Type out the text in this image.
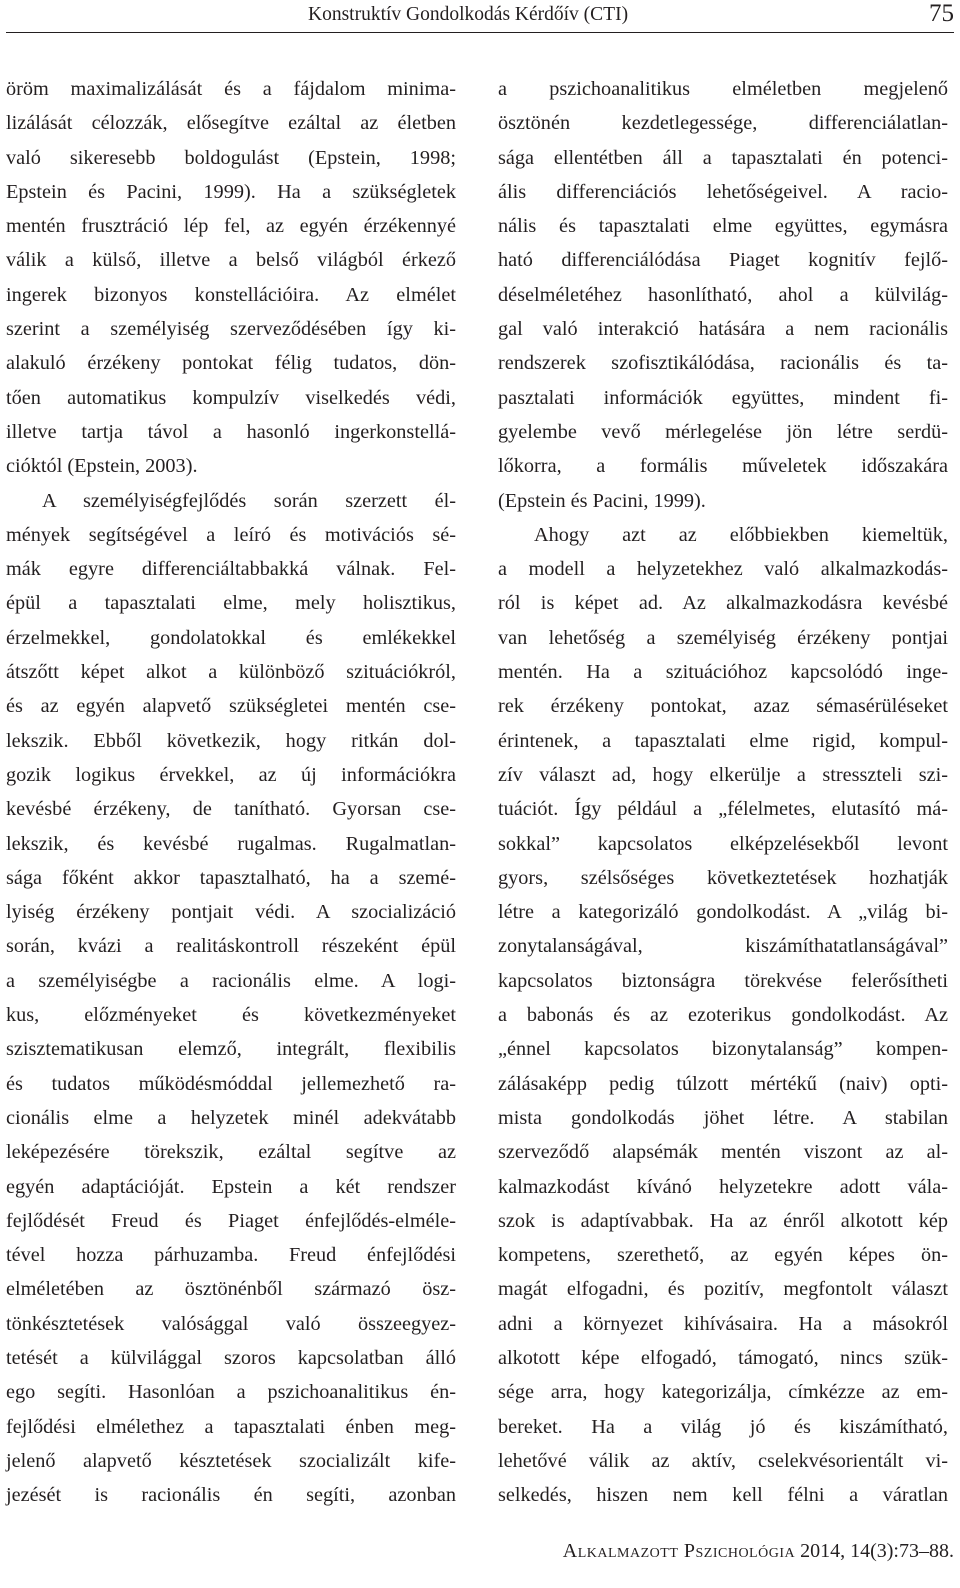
Konstruktív Gondolkodás Kérdőív (CTI)	75
öröm maximalizálását és a fájdalom minima-
lizálását célozzák, elősegítve ezáltal az életben
való sikeresebb boldogulást (Epstein, 1998;
Epstein és Pacini, 1999). Ha a szükségletek
mentén frusztráció lép fel, az egyén érzékennyé
válik a külső, illetve a belső világból érkező
ingerek bizonyos konstellációira. Az elmélet
szerint a személyiség szerveződésében így ki-
alakuló érzékeny pontokat félig tudatos, dön-
tően automatikus kompulzív viselkedés védi,
illetve tartja távol a hasonló ingerkonstellá-
cióktól (Epstein, 2003).
A személyiségfejlődés során szerzett él-
mények segítségével a leíró és motivációs sé-
mák egyre differenciáltabbakká válnak. Fel-
épül a tapasztalati elme, mely holisztikus,
érzelmekkel, gondolatokkal és emlékekkel
átszőtt képet alkot a különböző szituációkról,
és az egyén alapvető szükségletei mentén cse-
lekszik. Ebből következik, hogy ritkán dol-
gozik logikus érvekkel, az új információkra
kevésbé érzékeny, de tanítható. Gyorsan cse-
lekszik, és kevésbé rugalmas. Rugalmatlan-
sága főként akkor tapasztalható, ha a szemé-
lyiség érzékeny pontjait védi. A szocializáció
során, kvázi a realitáskontroll részeként épül
a személyiségbe a racionális elme. A logi-
kus, előzményeket és következményeket
szisztematikusan elemző, integrált, flexibilis
és tudatos működésmóddal jellemezhető ra-
cionális elme a helyzetek minél adekvátabb
leképezésére törekszik, ezáltal segítve az
egyén adaptációját. Epstein a két rendszer
fejlődését Freud és Piaget énfejlődés-elméle-
tével hozza párhuzamba. Freud énfejlődési
elméletében az ösztönénből származó ösz-
tönkésztetések valósággal való összeegyez-
tetését a külvilággal szoros kapcsolatban álló
ego segíti. Hasonlóan a pszichoanalitikus én-
fejlődési elmélethez a tapasztalati énben meg-
jelenő alapvető késztetések szocializált kife-
jezését is racionális én segíti, azonban
a pszichoanalitikus elméletben megjelenő
ösztönén kezdetlegessége, differenciálatlan-
sága ellentétben áll a tapasztalati én potenci-
ális differenciációs lehetőségeivel. A racio-
nális és tapasztalati elme együttes, egymásra
ható differenciálódása Piaget kognitív fejlő-
déselméletéhez hasonlítható, ahol a külvilág-
gal való interakció hatására a nem racionális
rendszerek szofisztikálódása, racionális és ta-
pasztalati információk együttes, mindent fi-
gyelembe vevő mérlegelése jön létre serdü-
lőkorra, a formális műveletek időszakára
(Epstein és Pacini, 1999).
Ahogy azt az előbbiekben kiemeltük,
a modell a helyzetekhez való alkalmazkodás-
ról is képet ad. Az alkalmazkodásra kevésbé
van lehetőség a személyiség érzékeny pontjai
mentén. Ha a szituációhoz kapcsolódó inge-
rek érzékeny pontokat, azaz sémasérüléseket
érintenek, a tapasztalati elme rigid, kompul-
zív választ ad, hogy elkerülje a stresszteli szi-
tuációt. Így például a „félelmetes, elutasító má-
sokkal” kapcsolatos elképzelésekből levont
gyors, szélsőséges következtetések hozhatják
létre a kategorizáló gondolkodást. A „világ bi-
zonytalanságával, kiszámíthatatlanságával”
kapcsolatos biztonságra törekvése felerősítheti
a babonás és az ezoterikus gondolkodást. Az
„énnel kapcsolatos bizonytalanság” kompen-
zálásaképp pedig túlzott mértékű (naiv) opti-
mista gondolkodás jöhet létre. A stabilan
szerveződő alapsémák mentén viszont az al-
kalmazkodást kívánó helyzetekre adott vála-
szok is adaptívabbak. Ha az énről alkotott kép
kompetens, szerethető, az egyén képes ön-
magát elfogadni, és pozitív, megfontolt választ
adni a környezet kihívásaira. Ha a másokról
alkotott képe elfogadó, támogató, nincs szük-
sége arra, hogy kategorizálja, címkézze az em-
bereket. Ha a világ jó és kiszámítható,
lehetővé válik az aktív, cselekvésorientált vi-
selkedés, hiszen nem kell félni a váratlan
Alkalmazott Pszichológia 2014, 14(3):73–88.
